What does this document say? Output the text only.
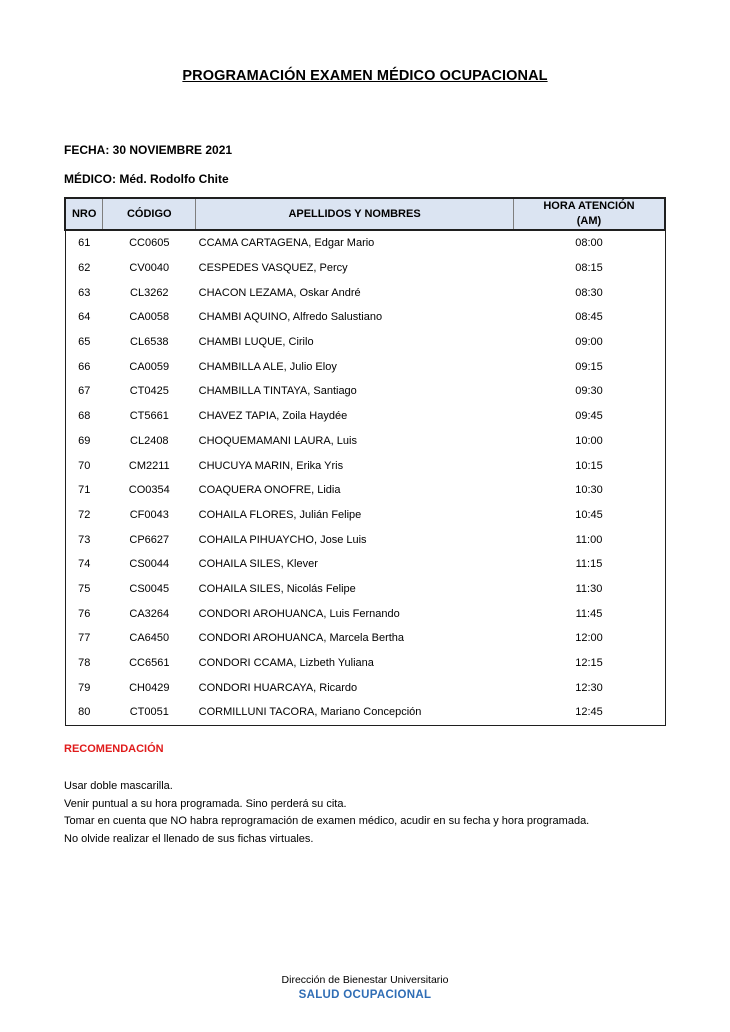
PROGRAMACIÓN EXAMEN MÉDICO OCUPACIONAL
FECHA: 30 NOVIEMBRE 2021
MÉDICO: Méd. Rodolfo Chite
NRO	CÓDIGO	APELLIDOS Y NOMBRES	HORA ATENCIÓN
(AM)

61	CC0605	CCAMA CARTAGENA, Edgar Mario	08:00
62	CV0040	CESPEDES VASQUEZ, Percy	08:15
63	CL3262	CHACON LEZAMA, Oskar André	08:30
64	CA0058	CHAMBI AQUINO, Alfredo Salustiano	08:45
65	CL6538	CHAMBI LUQUE, Cirilo	09:00
66	CA0059	CHAMBILLA ALE, Julio Eloy	09:15
67	CT0425	CHAMBILLA TINTAYA, Santiago	09:30
68	CT5661	CHAVEZ TAPIA, Zoila Haydée	09:45
69	CL2408	CHOQUEMAMANI LAURA, Luis	10:00
70	CM2211	CHUCUYA MARIN, Erika Yris	10:15
71	CO0354	COAQUERA ONOFRE, Lidia	10:30
72	CF0043	COHAILA FLORES, Julián Felipe	10:45
73	CP6627	COHAILA PIHUAYCHO, Jose Luis	11:00
74	CS0044	COHAILA SILES, Klever	11:15
75	CS0045	COHAILA SILES, Nicolás Felipe	11:30
76	CA3264	CONDORI AROHUANCA, Luis Fernando	11:45
77	CA6450	CONDORI AROHUANCA, Marcela Bertha	12:00
78	CC6561	CONDORI CCAMA, Lizbeth Yuliana	12:15
79	CH0429	CONDORI HUARCAYA, Ricardo	12:30
80	CT0051	CORMILLUNI TACORA, Mariano Concepción	12:45
RECOMENDACIÓN
Usar doble mascarilla.
Venir puntual a su hora programada. Sino perderá su cita.
Tomar en cuenta que NO habra reprogramación de examen médico, acudir en su fecha y hora programada.
No olvide realizar el llenado de sus fichas virtuales.
Dirección de Bienestar Universitario
SALUD OCUPACIONAL
